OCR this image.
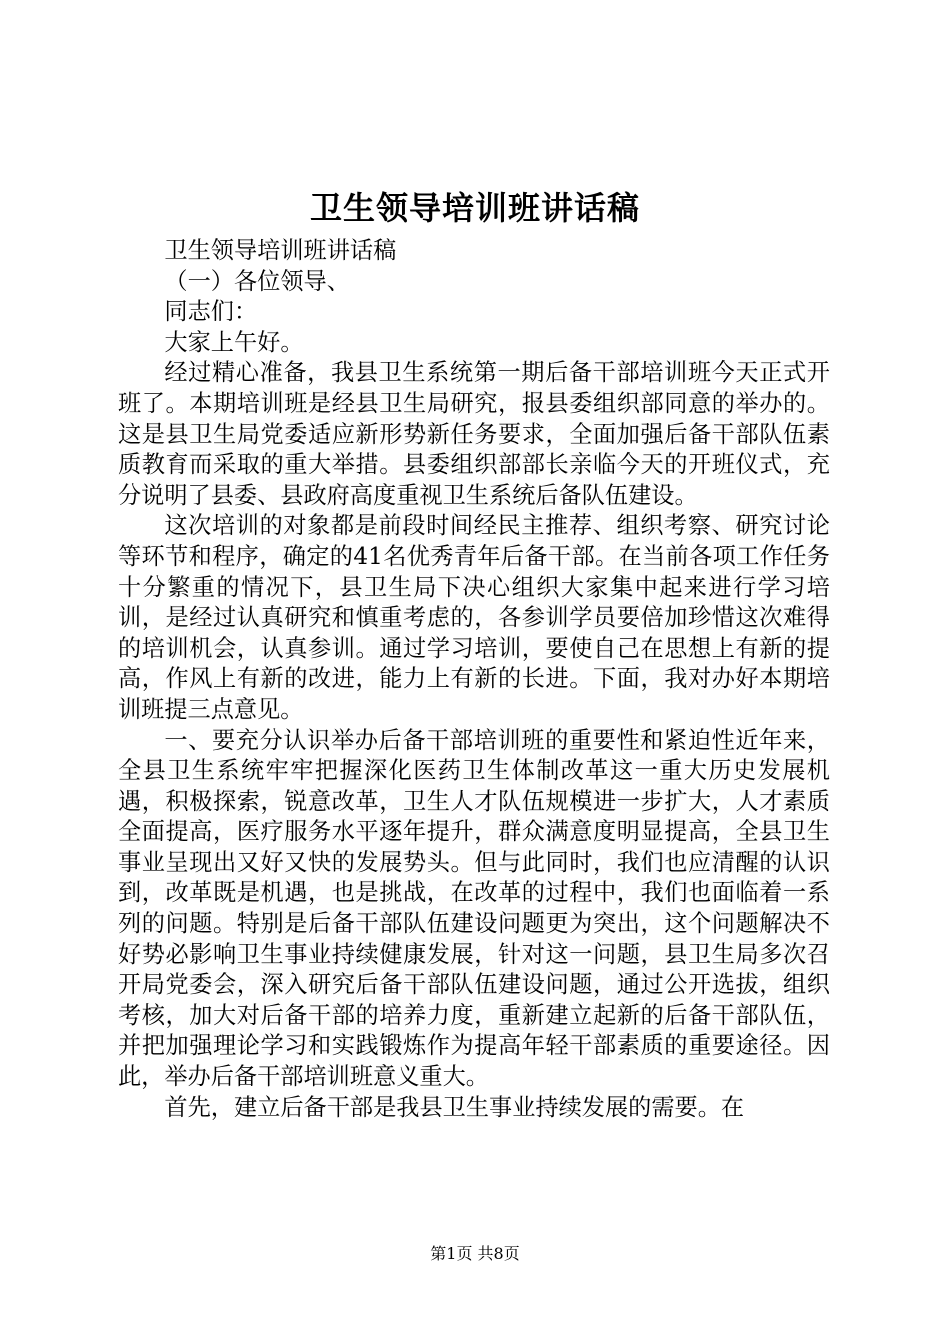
卫生领导培训班讲话稿

卫生领导培训班讲话稿

（一）各位领导、

同志们：

大家上午好。

经过精心准备，我县卫生系统第一期后备干部培训班今天正式开班了。本期培训班是经县卫生局研究，报县委组织部同意的举办的。这是县卫生局党委适应新形势新任务要求，全面加强后备干部队伍素质教育而采取的重大举措。县委组织部部长亲临今天的开班仪式，充分说明了县委、县政府高度重视卫生系统后备队伍建设。

这次培训的对象都是前段时间经民主推荐、组织考察、研究讨论等环节和程序，确定的41名优秀青年后备干部。在当前各项工作任务十分繁重的情况下，县卫生局下决心组织大家集中起来进行学习培训，是经过认真研究和慎重考虑的，各参训学员要倍加珍惜这次难得的培训机会，认真参训。通过学习培训，要使自己在思想上有新的提高，作风上有新的改进，能力上有新的长进。下面，我对办好本期培训班提三点意见。

一、要充分认识举办后备干部培训班的重要性和紧迫性近年来，全县卫生系统牢牢把握深化医药卫生体制改革这一重大历史发展机遇，积极探索，锐意改革，卫生人才队伍规模进一步扩大，人才素质全面提高，医疗服务水平逐年提升，群众满意度明显提高，全县卫生事业呈现出又好又快的发展势头。但与此同时，我们也应清醒的认识到，改革既是机遇，也是挑战，在改革的过程中，我们也面临着一系列的问题。特别是后备干部队伍建设问题更为突出，这个问题解决不好势必影响卫生事业持续健康发展，针对这一问题，县卫生局多次召开局党委会，深入研究后备干部队伍建设问题，通过公开选拔，组织考核，加大对后备干部的培养力度，重新建立起新的后备干部队伍，并把加强理论学习和实践锻炼作为提高年轻干部素质的重要途径。因此，举办后备干部培训班意义重大。

首先，建立后备干部是我县卫生事业持续发展的需要。在

第1页 共8页
